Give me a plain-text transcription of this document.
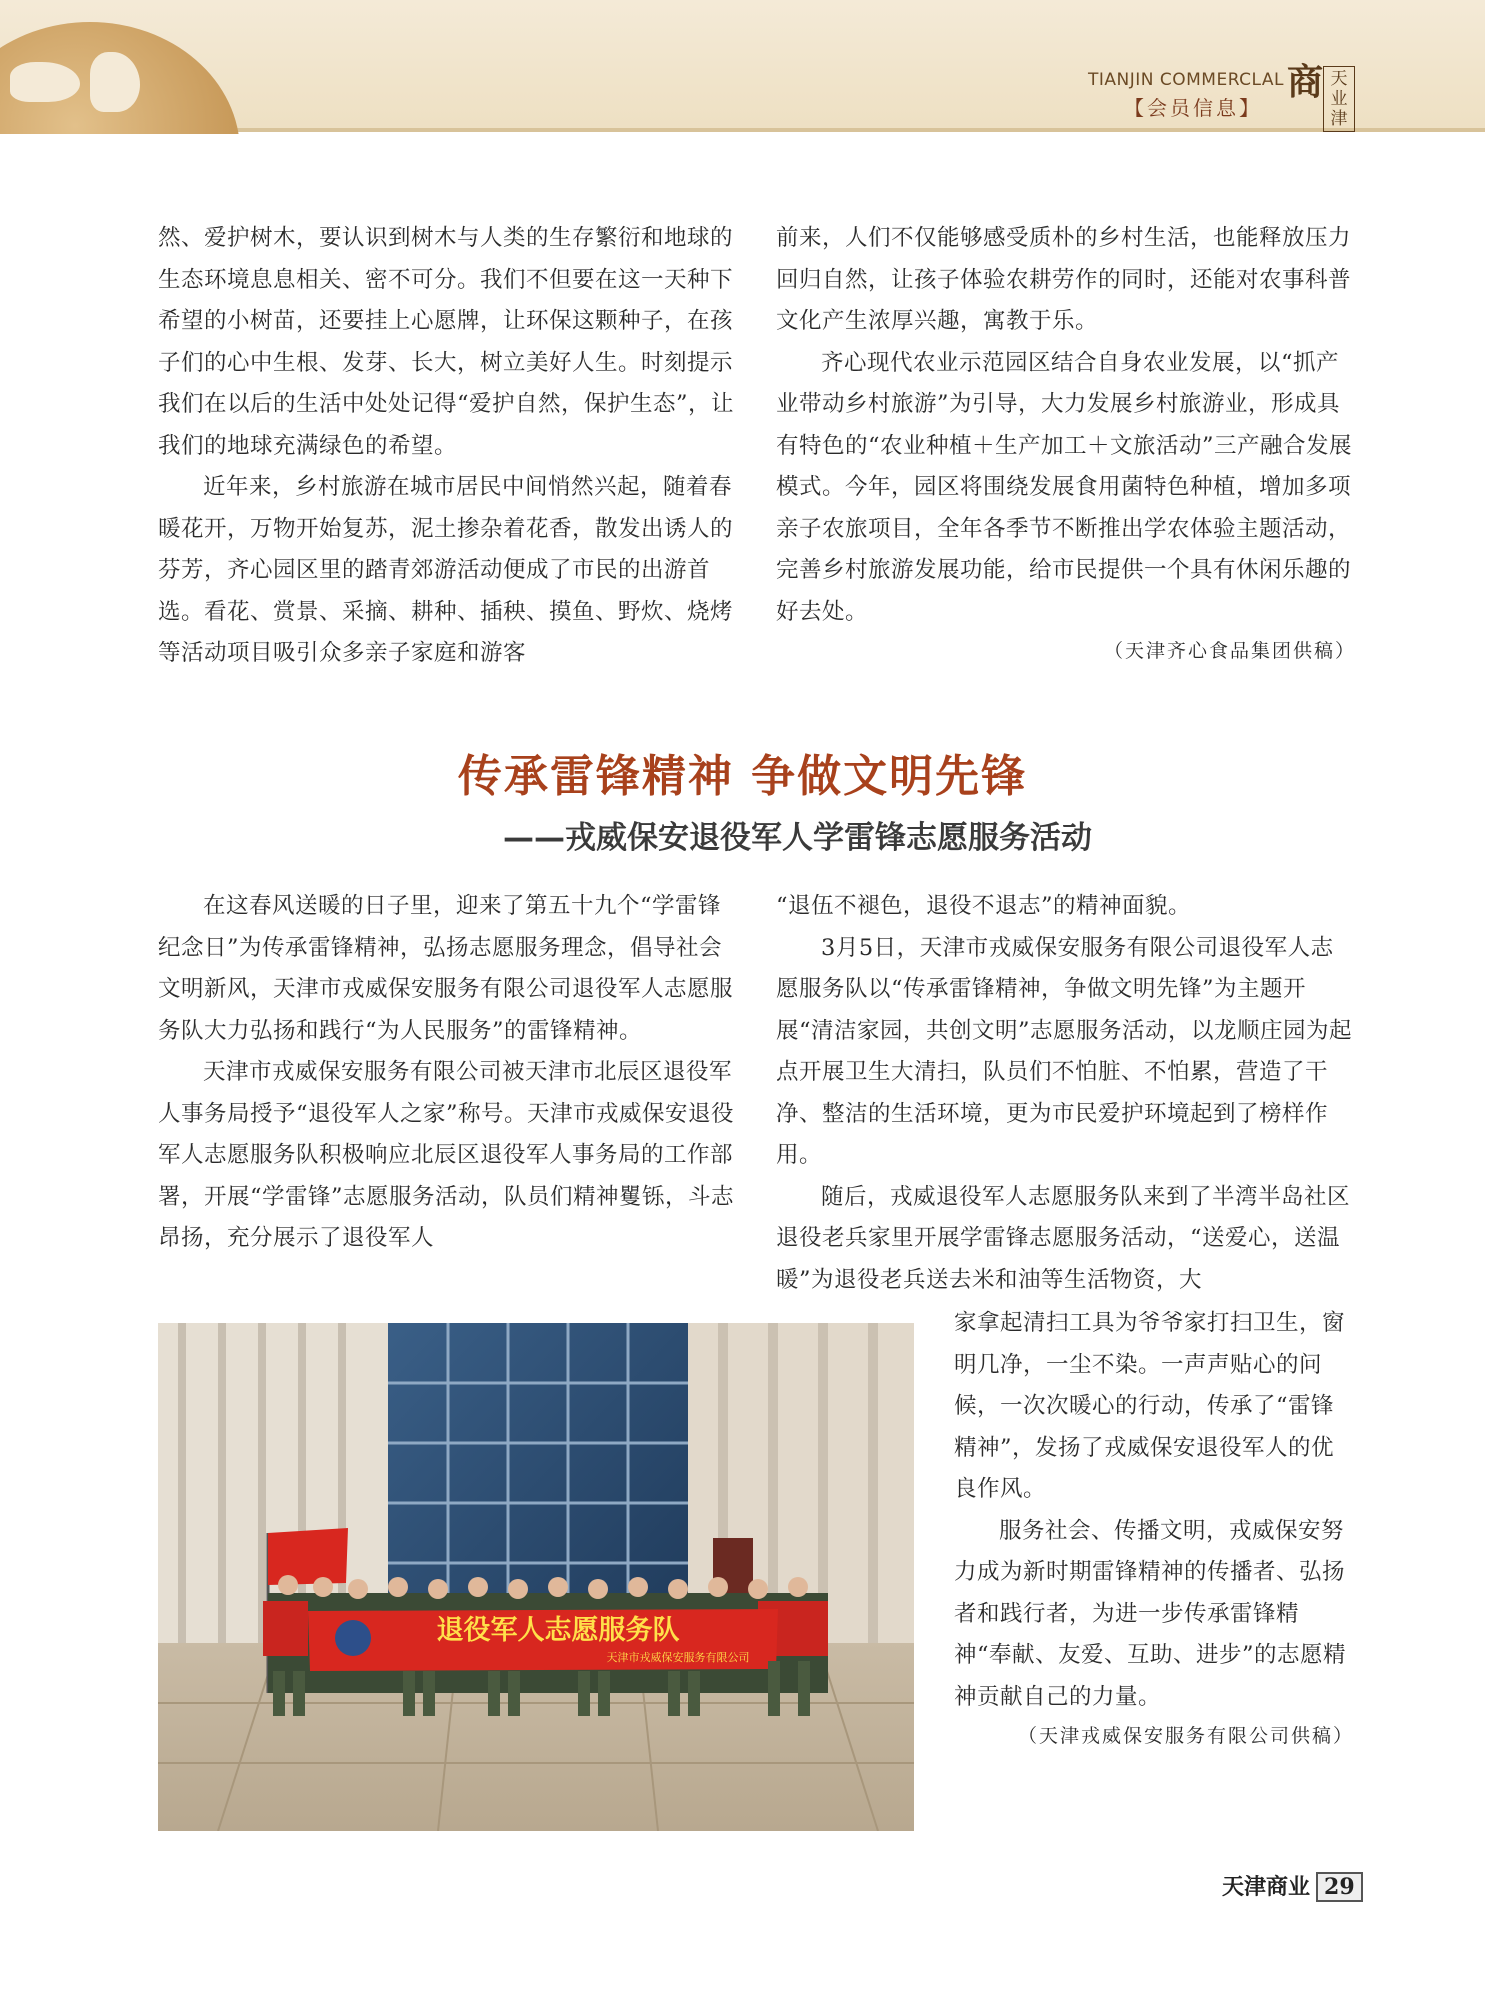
TIANJIN COMMERCLAL
【会员信息】
商 天业津

然、爱护树木，要认识到树木与人类的生存繁衍和地球的生态环境息息相关、密不可分。我们不但要在这一天种下希望的小树苗，还要挂上心愿牌，让环保这颗种子，在孩子们的心中生根、发芽、长大，树立美好人生。时刻提示我们在以后的生活中处处记得“爱护自然，保护生态”，让我们的地球充满绿色的希望。

近年来，乡村旅游在城市居民中间悄然兴起，随着春暖花开，万物开始复苏，泥土掺杂着花香，散发出诱人的芬芳，齐心园区里的踏青郊游活动便成了市民的出游首选。看花、赏景、采摘、耕种、插秧、摸鱼、野炊、烧烤等活动项目吸引众多亲子家庭和游客

前来，人们不仅能够感受质朴的乡村生活，也能释放压力回归自然，让孩子体验农耕劳作的同时，还能对农事科普文化产生浓厚兴趣，寓教于乐。

齐心现代农业示范园区结合自身农业发展，以“抓产业带动乡村旅游”为引导，大力发展乡村旅游业，形成具有特色的“农业种植＋生产加工＋文旅活动”三产融合发展模式。今年，园区将围绕发展食用菌特色种植，增加多项亲子农旅项目，全年各季节不断推出学农体验主题活动，完善乡村旅游发展功能，给市民提供一个具有休闲乐趣的好去处。

（天津齐心食品集团供稿）

传承雷锋精神 争做文明先锋
——戎威保安退役军人学雷锋志愿服务活动

在这春风送暖的日子里，迎来了第五十九个“学雷锋纪念日”为传承雷锋精神，弘扬志愿服务理念，倡导社会文明新风，天津市戎威保安服务有限公司退役军人志愿服务队大力弘扬和践行“为人民服务”的雷锋精神。

天津市戎威保安服务有限公司被天津市北辰区退役军人事务局授予“退役军人之家”称号。天津市戎威保安退役军人志愿服务队积极响应北辰区退役军人事务局的工作部署，开展“学雷锋”志愿服务活动，队员们精神矍铄，斗志昂扬，充分展示了退役军人

“退伍不褪色，退役不退志”的精神面貌。

3月5日，天津市戎威保安服务有限公司退役军人志愿服务队以“传承雷锋精神，争做文明先锋”为主题开展“清洁家园，共创文明”志愿服务活动，以龙顺庄园为起点开展卫生大清扫，队员们不怕脏、不怕累，营造了干净、整洁的生活环境，更为市民爱护环境起到了榜样作用。

随后，戎威退役军人志愿服务队来到了半湾半岛社区退役老兵家里开展学雷锋志愿服务活动，“送爱心，送温暖”为退役老兵送去米和油等生活物资，大

家拿起清扫工具为爷爷家打扫卫生，窗明几净，一尘不染。一声声贴心的问候，一次次暖心的行动，传承了“雷锋精神”，发扬了戎威保安退役军人的优良作风。

服务社会、传播文明，戎威保安努力成为新时期雷锋精神的传播者、弘扬者和践行者，为进一步传承雷锋精神“奉献、友爱、互助、进步”的志愿精神贡献自己的力量。

（天津戎威保安服务有限公司供稿）

退役军人志愿服务队
天津市戎威保安服务有限公司
天津商业 29
